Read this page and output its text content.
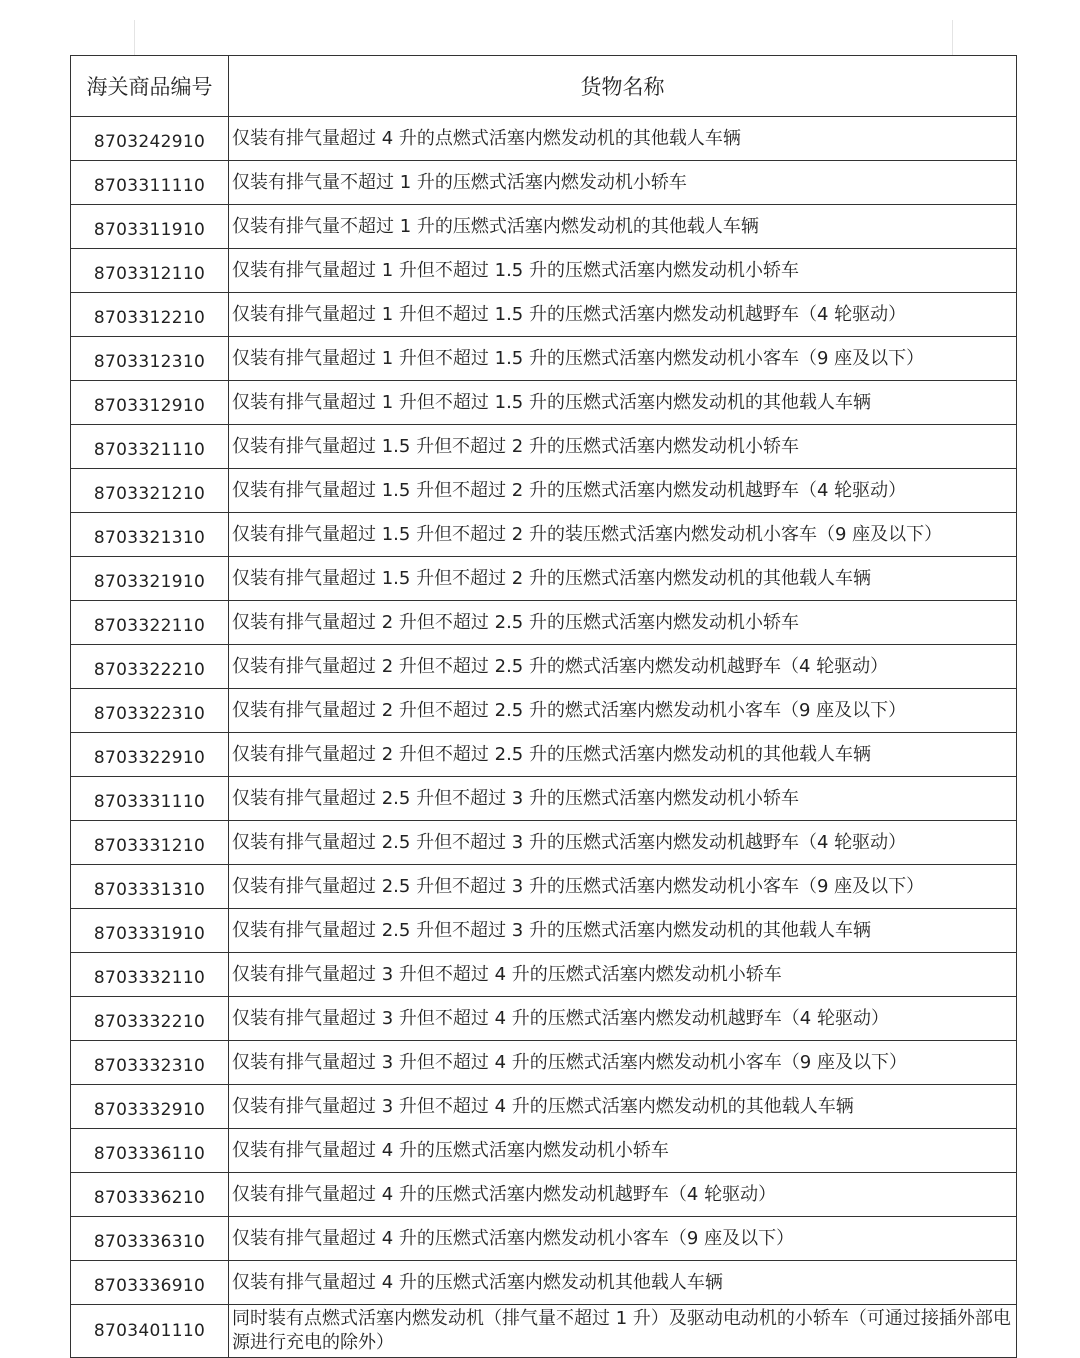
海关商品编号	货物名称
8703242910	仅装有排气量超过 4 升的点燃式活塞内燃发动机的其他载人车辆
8703311110	仅装有排气量不超过 1 升的压燃式活塞内燃发动机小轿车
8703311910	仅装有排气量不超过 1 升的压燃式活塞内燃发动机的其他载人车辆
8703312110	仅装有排气量超过 1 升但不超过 1.5 升的压燃式活塞内燃发动机小轿车
8703312210	仅装有排气量超过 1 升但不超过 1.5 升的压燃式活塞内燃发动机越野车（4 轮驱动）
8703312310	仅装有排气量超过 1 升但不超过 1.5 升的压燃式活塞内燃发动机小客车（9 座及以下）
8703312910	仅装有排气量超过 1 升但不超过 1.5 升的压燃式活塞内燃发动机的其他载人车辆
8703321110	仅装有排气量超过 1.5 升但不超过 2 升的压燃式活塞内燃发动机小轿车
8703321210	仅装有排气量超过 1.5 升但不超过 2 升的压燃式活塞内燃发动机越野车（4 轮驱动）
8703321310	仅装有排气量超过 1.5 升但不超过 2 升的装压燃式活塞内燃发动机小客车（9 座及以下）
8703321910	仅装有排气量超过 1.5 升但不超过 2 升的压燃式活塞内燃发动机的其他载人车辆
8703322110	仅装有排气量超过 2 升但不超过 2.5 升的压燃式活塞内燃发动机小轿车
8703322210	仅装有排气量超过 2 升但不超过 2.5 升的燃式活塞内燃发动机越野车（4 轮驱动）
8703322310	仅装有排气量超过 2 升但不超过 2.5 升的燃式活塞内燃发动机小客车（9 座及以下）
8703322910	仅装有排气量超过 2 升但不超过 2.5 升的压燃式活塞内燃发动机的其他载人车辆
8703331110	仅装有排气量超过 2.5 升但不超过 3 升的压燃式活塞内燃发动机小轿车
8703331210	仅装有排气量超过 2.5 升但不超过 3 升的压燃式活塞内燃发动机越野车（4 轮驱动）
8703331310	仅装有排气量超过 2.5 升但不超过 3 升的压燃式活塞内燃发动机小客车（9 座及以下）
8703331910	仅装有排气量超过 2.5 升但不超过 3 升的压燃式活塞内燃发动机的其他载人车辆
8703332110	仅装有排气量超过 3 升但不超过 4 升的压燃式活塞内燃发动机小轿车
8703332210	仅装有排气量超过 3 升但不超过 4 升的压燃式活塞内燃发动机越野车（4 轮驱动）
8703332310	仅装有排气量超过 3 升但不超过 4 升的压燃式活塞内燃发动机小客车（9 座及以下）
8703332910	仅装有排气量超过 3 升但不超过 4 升的压燃式活塞内燃发动机的其他载人车辆
8703336110	仅装有排气量超过 4 升的压燃式活塞内燃发动机小轿车
8703336210	仅装有排气量超过 4 升的压燃式活塞内燃发动机越野车（4 轮驱动）
8703336310	仅装有排气量超过 4 升的压燃式活塞内燃发动机小客车（9 座及以下）
8703336910	仅装有排气量超过 4 升的压燃式活塞内燃发动机其他载人车辆
8703401110	同时装有点燃式活塞内燃发动机（排气量不超过 1 升）及驱动电动机的小轿车（可通过接插外部电源进行充电的除外）
